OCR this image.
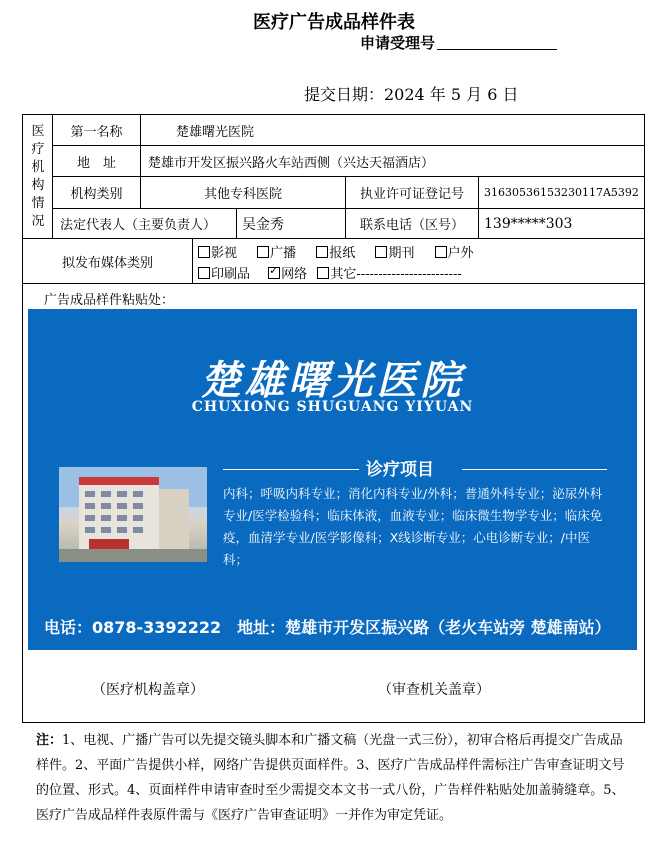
医疗广告成品样件表
申请受理号
提交日期：2024 年 5 月 6 日
医
疗
机
构
情
况
第一名称	楚雄曙光医院
地　址	楚雄市开发区振兴路火车站西侧（兴达天福酒店）
机构类别	其他专科医院	执业许可证登记号	31630536153230117A5392
法定代表人（主要负责人）	吴金秀	联系电话（区号）	139*****303
拟发布媒体类别
影视	广播	报纸	期刊	户外
印刷品 ✓ 网络 其它------------------------
广告成品样件粘贴处：
楚雄曙光医院
CHUXIONG SHUGUANG YIYUAN
诊疗项目
内科；呼吸内科专业；消化内科专业/外科；普通外科专业；泌尿外科专业/医学检验科；临床体液，血液专业；临床微生物学专业；临床免疫，血清学专业/医学影像科；X线诊断专业；心电诊断专业；/中医科；
电话：0878-3392222　地址：楚雄市开发区振兴路（老火车站旁 楚雄南站）
（医疗机构盖章）	（审查机关盖章）
注：1、电视、广播广告可以先提交镜头脚本和广播文稿（光盘一式三份），初审合格后再提交广告成品样件。2、平面广告提供小样，网络广告提供页面样件。3、医疗广告成品样件需标注广告审查证明文号的位置、形式。4、页面样件申请审查时至少需提交本文书一式八份，广告样件粘贴处加盖骑缝章。5、医疗广告成品样件表原件需与《医疗广告审查证明》一并作为审定凭证。
